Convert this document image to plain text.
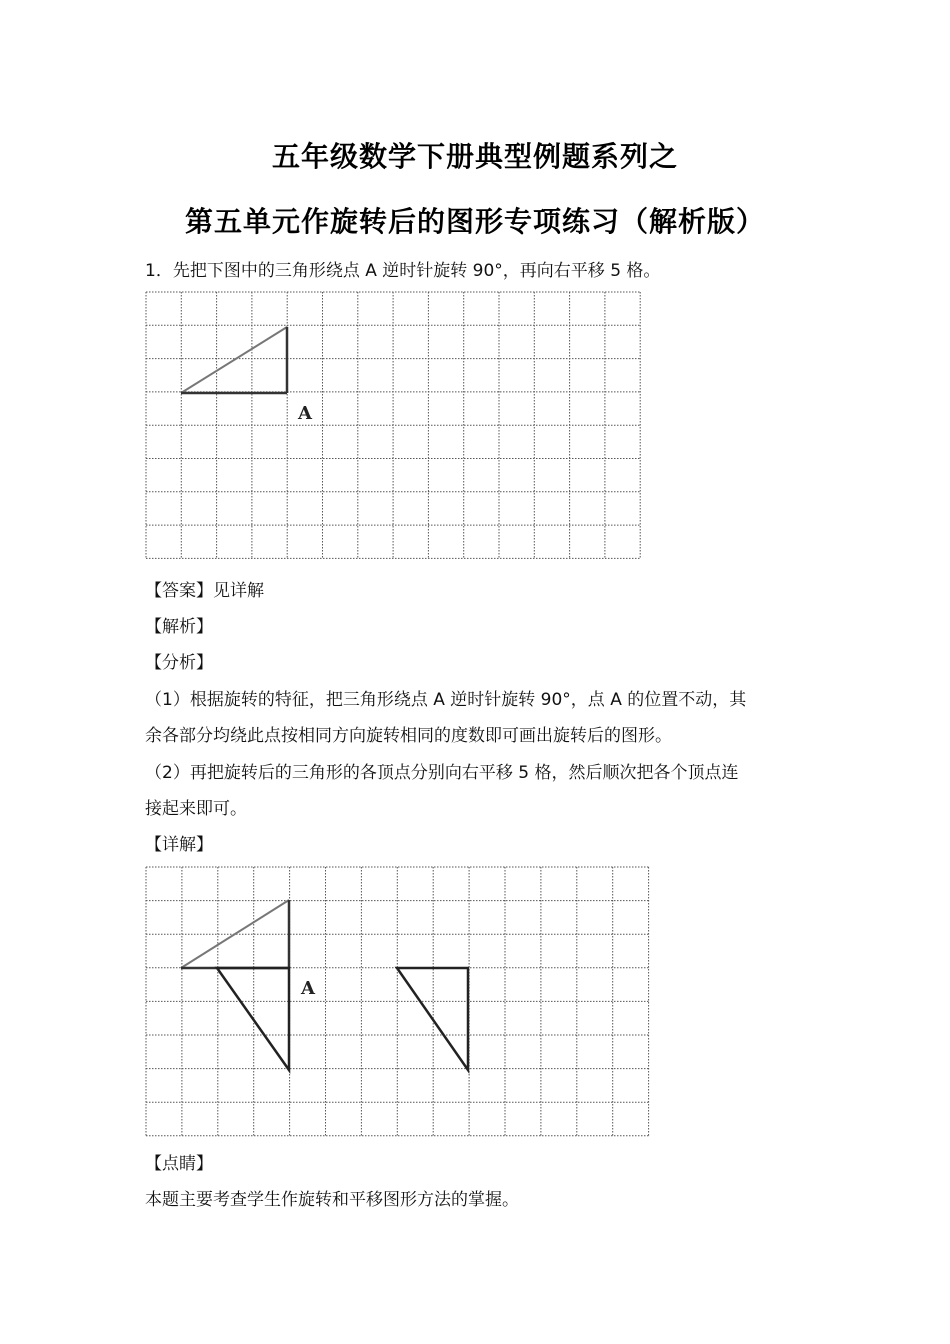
五年级数学下册典型例题系列之
第五单元作旋转后的图形专项练习（解析版）
1．先把下图中的三角形绕点 A 逆时针旋转 90°，再向右平移 5 格。
A
【答案】见详解
【解析】
【分析】
（1）根据旋转的特征，把三角形绕点 A 逆时针旋转 90°，点 A 的位置不动，其
余各部分均绕此点按相同方向旋转相同的度数即可画出旋转后的图形。
（2）再把旋转后的三角形的各顶点分别向右平移 5 格，然后顺次把各个顶点连
接起来即可。
【详解】
A
【点睛】
本题主要考查学生作旋转和平移图形方法的掌握。
